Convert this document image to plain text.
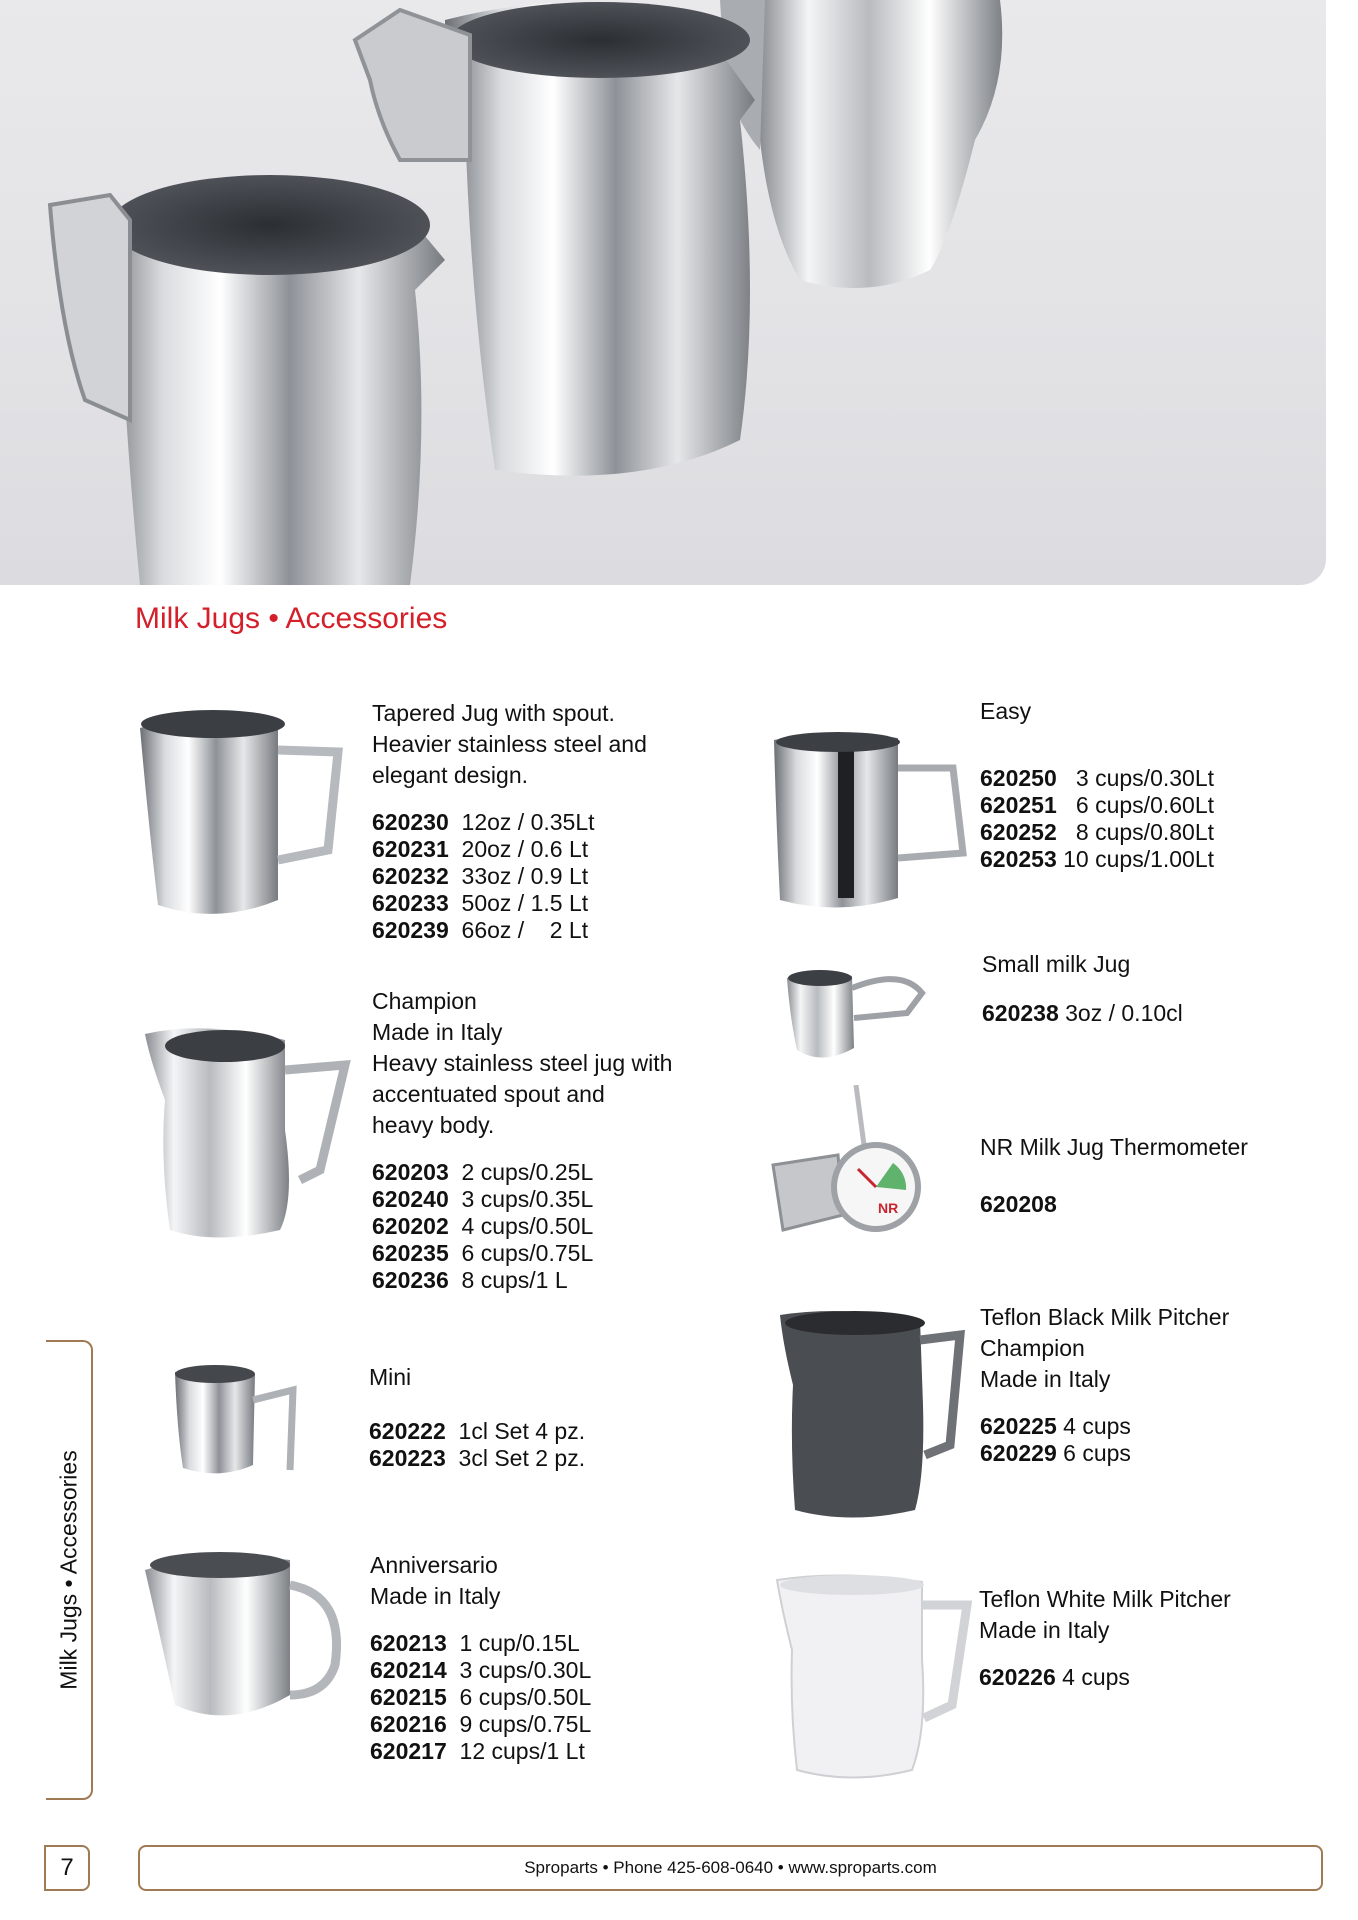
Milk Jugs • Accessories
NR
Tapered Jug with spout.
Heavier stainless steel and
elegant design.
620230 12oz / 0.35Lt
620231 20oz / 0.6 Lt
620232 33oz / 0.9 Lt
620233 50oz / 1.5 Lt
620239 66oz /    2 Lt
Champion
Made in Italy
Heavy stainless steel jug with
accentuated spout and
heavy body.
620203 2 cups/0.25L
620240 3 cups/0.35L
620202 4 cups/0.50L
620235 6 cups/0.75L
620236 8 cups/1 L
Mini
620222 1cl Set 4 pz.
620223 3cl Set 2 pz.
Anniversario
Made in Italy
620213 1 cup/0.15L
620214 3 cups/0.30L
620215 6 cups/0.50L
620216 9 cups/0.75L
620217 12 cups/1 Lt
Easy
620250 3 cups/0.30Lt
620251 6 cups/0.60Lt
620252 8 cups/0.80Lt
620253 10 cups/1.00Lt
Small milk Jug
620238 3oz / 0.10cl
NR Milk Jug Thermometer
620208
Teflon Black Milk Pitcher
Champion
Made in Italy
620225 4 cups
620229 6 cups
Teflon White Milk Pitcher
Made in Italy
620226 4 cups
Milk Jugs • Accessories
7	Sproparts • Phone 425-608-0640 • www.sproparts.com
